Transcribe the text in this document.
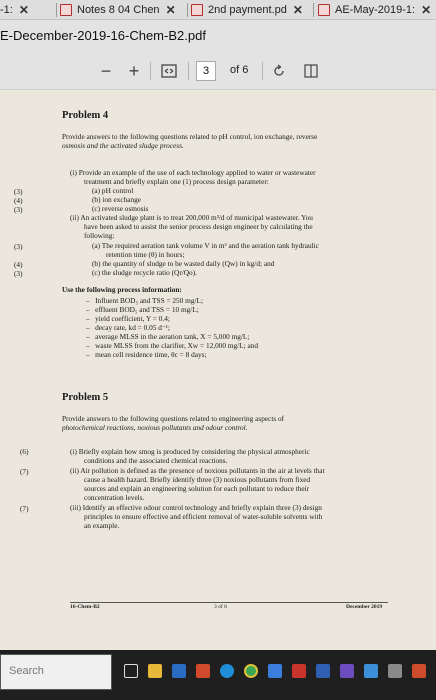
-1: ✕	Notes 8 04 Chen ✕	2nd payment.pd ✕	AE-May-2019-1: ✕
E-December-2019-16-Chem-B2.pdf
− +	3	of 6
Problem 4
Provide answers to the following questions related to pH control, ion exchange, reverse
osmosis and the activated sludge process.
(i) Provide an example of the use of each technology applied to water or wastewater
treatment and briefly explain one (1) process design parameter:
(a) pH control
(b) ion exchange
(c) reverse osmosis
(ii) An activated sludge plant is to treat 200,000 m³/d of municipal wastewater. You
have been asked to assist the senior process design engineer by calculating the
following:
(a) The required aeration tank volume V in m³ and the aeration tank hydraulic
retention time (θ) in hours;
(b) the quantity of sludge to be wasted daily (Qw) in kg/d; and
(c) the sludge recycle ratio (Qr/Qo).
(3)
(4)
(3)
(3)
(4)
(3)
Use the following process information:
–   Influent BOD₅ and TSS = 250 mg/L;
–   effluent BOD₅ and TSS = 10 mg/L;
–   yield coefficient, Y = 0.4;
–   decay rate, kd = 0.05 d⁻¹;
–   average MLSS in the aeration tank, X = 5,000 mg/L;
–   waste MLSS from the clarifier, Xw = 12,000 mg/L; and
–   mean cell residence time, θc = 8 days;
Problem 5
Provide answers to the following questions related to engineering aspects of
photochemical reactions, noxious pollutants and odour control.
(i) Briefly explain how smog is produced by considering the physical atmospheric
conditions and the associated chemical reactions.
(ii) Air pollution is defined as the presence of noxious pollutants in the air at levels that
cause a health hazard. Briefly identify three (3) noxious pollutants from fixed
sources and explain an engineering solution for each pollutant to reduce their
concentration levels.
(iii) Identify an effective odour control technology and briefly explain three (3) design
principles to ensure effective and efficient removal of water-soluble solvents with
an example.
(6)
(7)
(7)
16-Chem-B2	3 of 6	December 2019
Search
